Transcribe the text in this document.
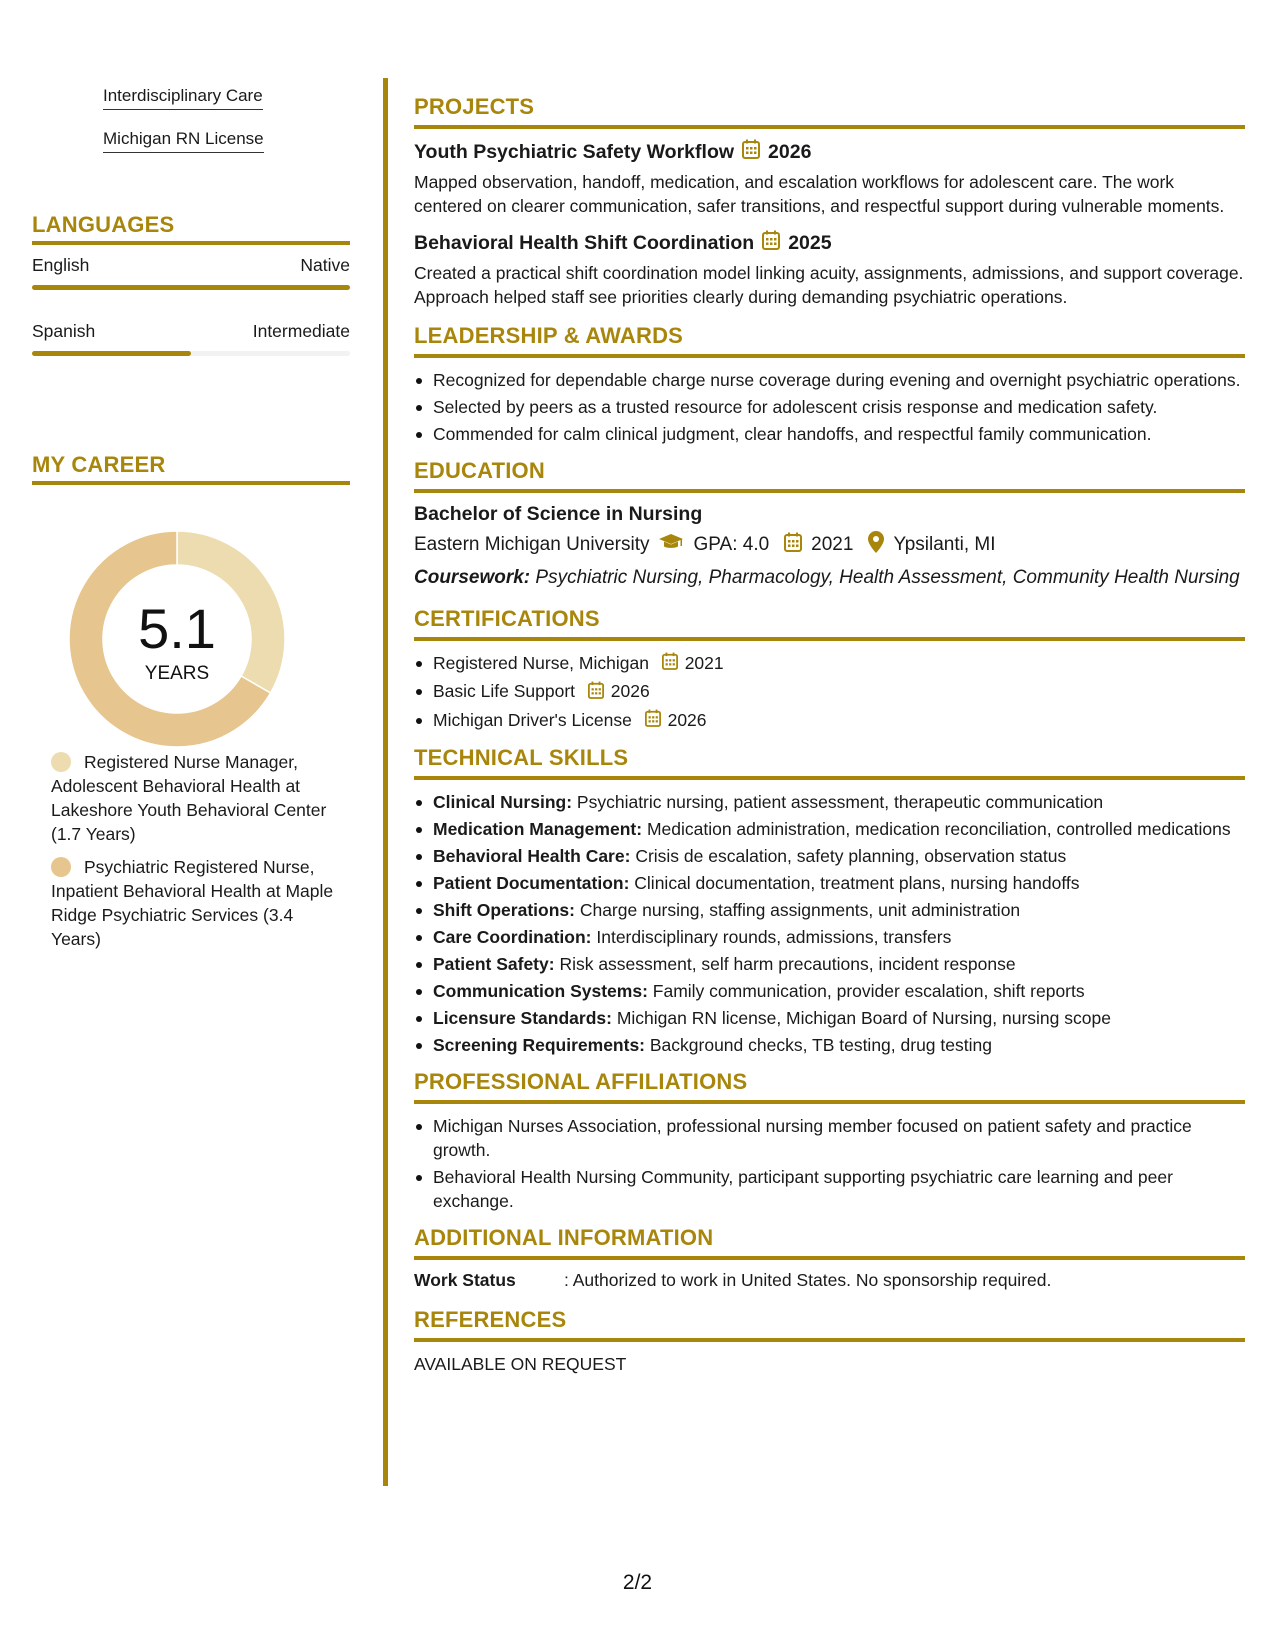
Interdisciplinary Care
Michigan RN License
LANGUAGES
English	Native
Spanish	Intermediate
MY CAREER
5.1
YEARS
Registered Nurse Manager, Adolescent Behavioral Health at Lakeshore Youth Behavioral Center (1.7 Years)
Psychiatric Registered Nurse, Inpatient Behavioral Health at Maple Ridge Psychiatric Services (3.4 Years)
PROJECTS
Youth Psychiatric Safety Workflow 2026
Mapped observation, handoff, medication, and escalation workflows for adolescent care. The work centered on clearer communication, safer transitions, and respectful support during vulnerable moments.
Behavioral Health Shift Coordination 2025
Created a practical shift coordination model linking acuity, assignments, admissions, and support coverage. Approach helped staff see priorities clearly during demanding psychiatric operations.
LEADERSHIP & AWARDS
Recognized for dependable charge nurse coverage during evening and overnight psychiatric operations.
Selected by peers as a trusted resource for adolescent crisis response and medication safety.
Commended for calm clinical judgment, clear handoffs, and respectful family communication.
EDUCATION
Bachelor of Science in Nursing
Eastern Michigan University GPA: 4.0 2021 Ypsilanti, MI
Coursework: Psychiatric Nursing, Pharmacology, Health Assessment, Community Health Nursing
CERTIFICATIONS
Registered Nurse, Michigan 2021
Basic Life Support 2026
Michigan Driver's License 2026
TECHNICAL SKILLS
Clinical Nursing: Psychiatric nursing, patient assessment, therapeutic communication
Medication Management: Medication administration, medication reconciliation, controlled medications
Behavioral Health Care: Crisis de escalation, safety planning, observation status
Patient Documentation: Clinical documentation, treatment plans, nursing handoffs
Shift Operations: Charge nursing, staffing assignments, unit administration
Care Coordination: Interdisciplinary rounds, admissions, transfers
Patient Safety: Risk assessment, self harm precautions, incident response
Communication Systems: Family communication, provider escalation, shift reports
Licensure Standards: Michigan RN license, Michigan Board of Nursing, nursing scope
Screening Requirements: Background checks, TB testing, drug testing
PROFESSIONAL AFFILIATIONS
Michigan Nurses Association, professional nursing member focused on patient safety and practice growth.
Behavioral Health Nursing Community, participant supporting psychiatric care learning and peer exchange.
ADDITIONAL INFORMATION
Work Status	: Authorized to work in United States. No sponsorship required.
REFERENCES
AVAILABLE ON REQUEST
2/2
